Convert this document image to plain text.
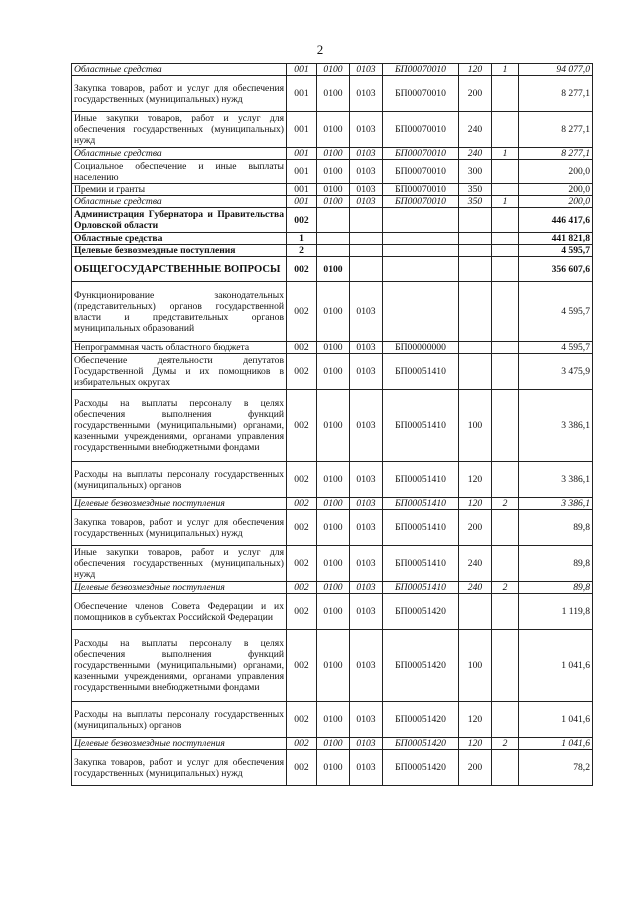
2
Областные средства	001	0100	0103	БП00070010	120	1	94 077,0
Закупка товаров, работ и услуг для обеспечения государственных (муниципальных) нужд	001	0100	0103	БП00070010	200		8 277,1
Иные закупки товаров, работ и услуг для обеспечения государственных (муниципальных) нужд	001	0100	0103	БП00070010	240		8 277,1
Областные средства	001	0100	0103	БП00070010	240	1	8 277,1
Социальное обеспечение и иные выплаты населению	001	0100	0103	БП00070010	300		200,0
Премии и гранты	001	0100	0103	БП00070010	350		200,0
Областные средства	001	0100	0103	БП00070010	350	1	200,0
Администрация Губернатора и Правительства Орловской области	002						446 417,6
Областные средства	1						441 821,8
Целевые безвозмездные поступления	2						4 595,7
ОБЩЕГОСУДАРСТВЕННЫЕ ВОПРОСЫ	002	0100					356 607,6
Функционирование законодательных (представительных) органов государственной власти и представительных органов муниципальных образований	002	0100	0103				4 595,7
Непрограммная часть областного бюджета	002	0100	0103	БП00000000			4 595,7
Обеспечение деятельности депутатов Государственной Думы и их помощников в избирательных округах	002	0100	0103	БП00051410			3 475,9
Расходы на выплаты персоналу в целях обеспечения выполнения функций государственными (муниципальными) органами, казенными учреждениями, органами управления государственными внебюджетными фондами	002	0100	0103	БП00051410	100		3 386,1
Расходы на выплаты персоналу государственных (муниципальных) органов	002	0100	0103	БП00051410	120		3 386,1
Целевые безвозмездные поступления	002	0100	0103	БП00051410	120	2	3 386,1
Закупка товаров, работ и услуг для обеспечения государственных (муниципальных) нужд	002	0100	0103	БП00051410	200		89,8
Иные закупки товаров, работ и услуг для обеспечения государственных (муниципальных) нужд	002	0100	0103	БП00051410	240		89,8
Целевые безвозмездные поступления	002	0100	0103	БП00051410	240	2	89,8
Обеспечение членов Совета Федерации и их помощников в субъектах Российской Федерации	002	0100	0103	БП00051420			1 119,8
Расходы на выплаты персоналу в целях обеспечения выполнения функций государственными (муниципальными) органами, казенными учреждениями, органами управления государственными внебюджетными фондами	002	0100	0103	БП00051420	100		1 041,6
Расходы на выплаты персоналу государственных (муниципальных) органов	002	0100	0103	БП00051420	120		1 041,6
Целевые безвозмездные поступления	002	0100	0103	БП00051420	120	2	1 041,6
Закупка товаров, работ и услуг для обеспечения государственных (муниципальных) нужд	002	0100	0103	БП00051420	200		78,2
